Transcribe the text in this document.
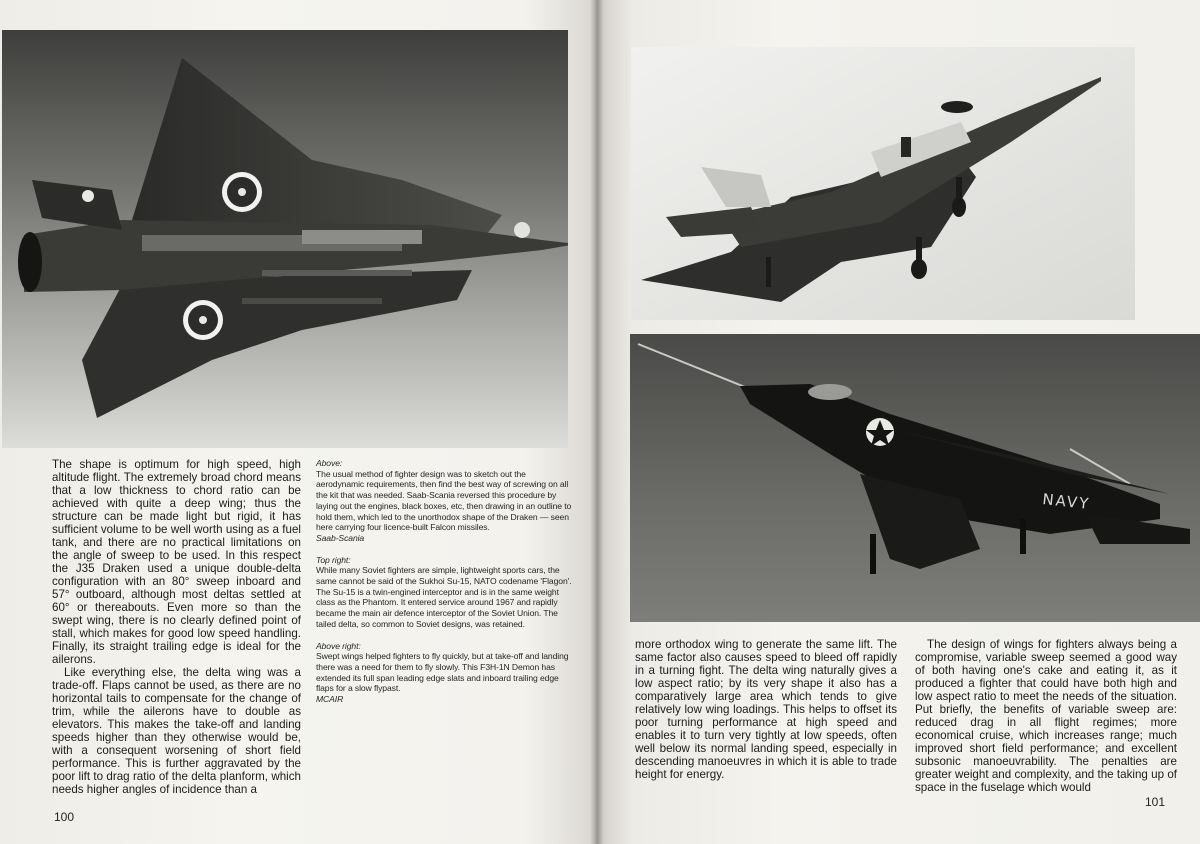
The shape is optimum for high speed, high altitude flight. The extremely broad chord means that a low thickness to chord ratio can be achieved with quite a deep wing; thus the structure can be made light but rigid, it has sufficient volume to be well worth using as a fuel tank, and there are no practical limitations on the angle of sweep to be used. In this respect the J35 Draken used a unique double-delta configuration with an 80° sweep inboard and 57° outboard, although most deltas settled at 60° or thereabouts. Even more so than the swept wing, there is no clearly defined point of stall, which makes for good low speed handling. Finally, its straight trailing edge is ideal for the ailerons.

Like everything else, the delta wing was a trade-off. Flaps cannot be used, as there are no horizontal tails to compensate for the change of trim, while the ailerons have to double as elevators. This makes the take-off and landing speeds higher than they otherwise would be, with a consequent worsening of short field performance. This is further aggravated by the poor lift to drag ratio of the delta planform, which needs higher angles of incidence than a

Above:
The usual method of fighter design was to sketch out the aerodynamic requirements, then find the best way of screwing on all the kit that was needed. Saab-Scania reversed this procedure by laying out the engines, black boxes, etc, then drawing in an outline to hold them, which led to the unorthodox shape of the Draken — seen here carrying four licence-built Falcon missiles.
Saab-Scania
Top right:
While many Soviet fighters are simple, lightweight sports cars, the same cannot be said of the Sukhoi Su-15, NATO codename 'Flagon'. The Su-15 is a twin-engined interceptor and is in the same weight class as the Phantom. It entered service around 1967 and rapidly became the main air defence interceptor of the Soviet Union. The tailed delta, so common to Soviet designs, was retained.
Above right:
Swept wings helped fighters to fly quickly, but at take-off and landing there was a need for them to fly slowly. This F3H-1N Demon has extended its full span leading edge slats and inboard trailing edge flaps for a slow flypast.
MCAIR
100
NAVY

more orthodox wing to generate the same lift. The same factor also causes speed to bleed off rapidly in a turning fight. The delta wing naturally gives a low aspect ratio; by its very shape it also has a comparatively large area which tends to give relatively low wing loadings. This helps to offset its poor turning performance at high speed and enables it to turn very tightly at low speeds, often well below its normal landing speed, especially in descending manoeuvres in which it is able to trade height for energy.

The design of wings for fighters always being a compromise, variable sweep seemed a good way of both having one's cake and eating it, as it produced a fighter that could have both high and low aspect ratio to meet the needs of the situation. Put briefly, the benefits of variable sweep are: reduced drag in all flight regimes; more economical cruise, which increases range; much improved short field performance; and excellent subsonic manoeuvrability. The penalties are greater weight and complexity, and the taking up of space in the fuselage which would

101
